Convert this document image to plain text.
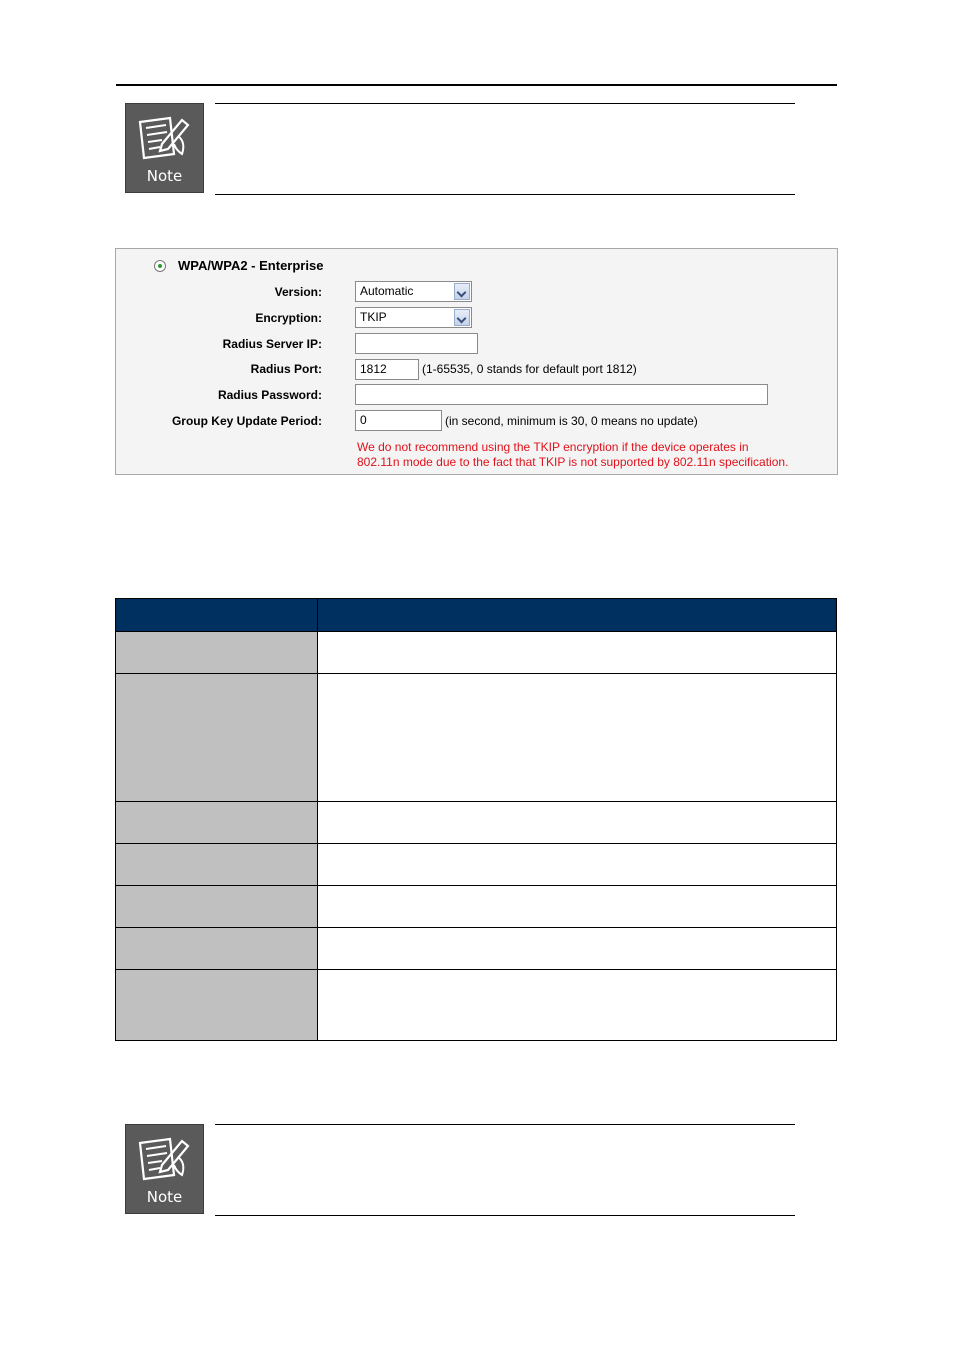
Note
WPA/WPA2 - Enterprise
Version:	Automatic
Encryption:	TKIP
Radius Server IP:
Radius Port:	1812	(1-65535, 0 stands for default port 1812)
Radius Password:
Group Key Update Period:	0	(in second, minimum is 30, 0 means no update)
We do not recommend using the TKIP encryption if the device operates in
802.11n mode due to the fact that TKIP is not supported by 802.11n specification.

Note
